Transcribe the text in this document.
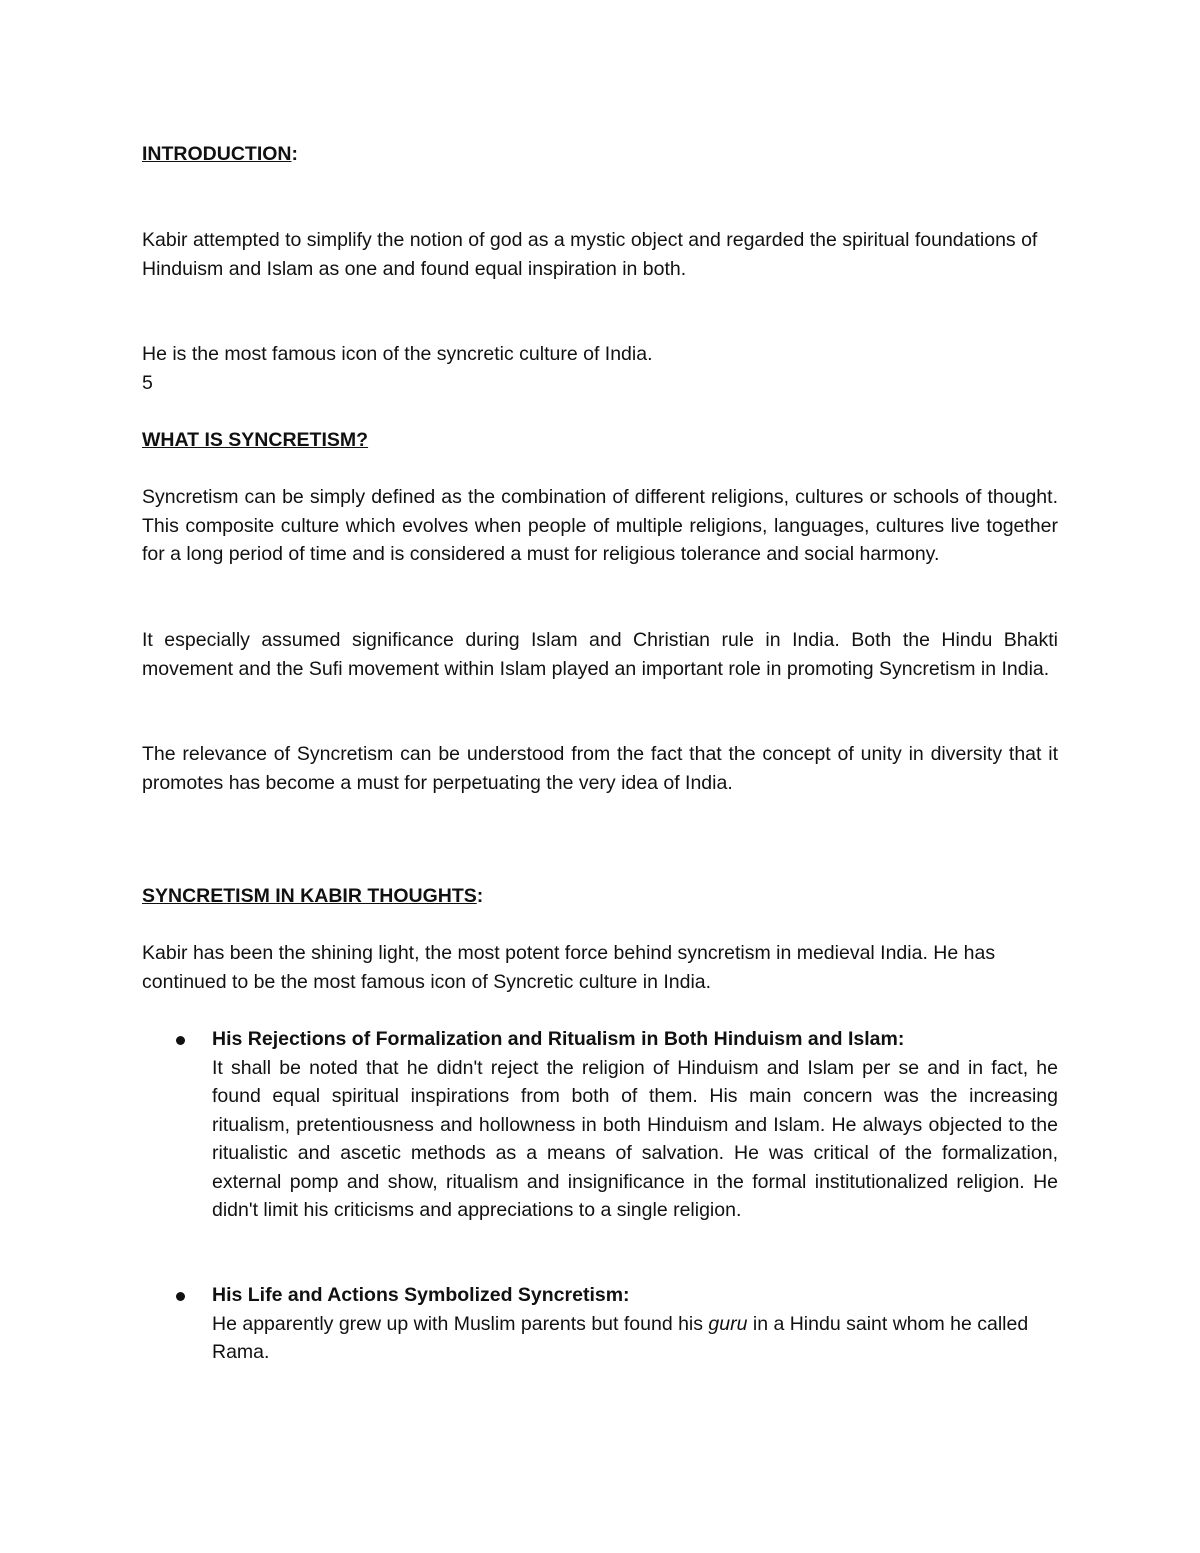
INTRODUCTION:

Kabir attempted to simplify the notion of god as a mystic object and regarded the spiritual foundations of Hinduism and Islam as one and found equal inspiration in both.

He is the most famous icon of the syncretic culture of India.

5

WHAT IS SYNCRETISM?

Syncretism can be simply defined as the combination of different religions, cultures or schools of thought. This composite culture which evolves when people of multiple religions, languages, cultures live together for a long period of time and is considered a must for religious tolerance and social harmony.

It especially assumed significance during Islam and Christian rule in India. Both the Hindu Bhakti movement and the Sufi movement within Islam played an important role in promoting Syncretism in India.

The relevance of Syncretism can be understood from the fact that the concept of unity in diversity that it promotes has become a must for perpetuating the very idea of India.

SYNCRETISM IN KABIR THOUGHTS:

Kabir has been the shining light, the most potent force behind syncretism in medieval India. He has continued to be the most famous icon of Syncretic culture in India.

His Rejections of Formalization and Ritualism in Both Hinduism and Islam:
It shall be noted that he didn't reject the religion of Hinduism and Islam per se and in fact, he found equal spiritual inspirations from both of them. His main concern was the increasing ritualism, pretentiousness and hollowness in both Hinduism and Islam. He always objected to the ritualistic and ascetic methods as a means of salvation. He was critical of the formalization, external pomp and show, ritualism and insignificance in the formal institutionalized religion. He didn't limit his criticisms and appreciations to a single religion.

His Life and Actions Symbolized Syncretism:
He apparently grew up with Muslim parents but found his guru in a Hindu saint whom he called Rama.
